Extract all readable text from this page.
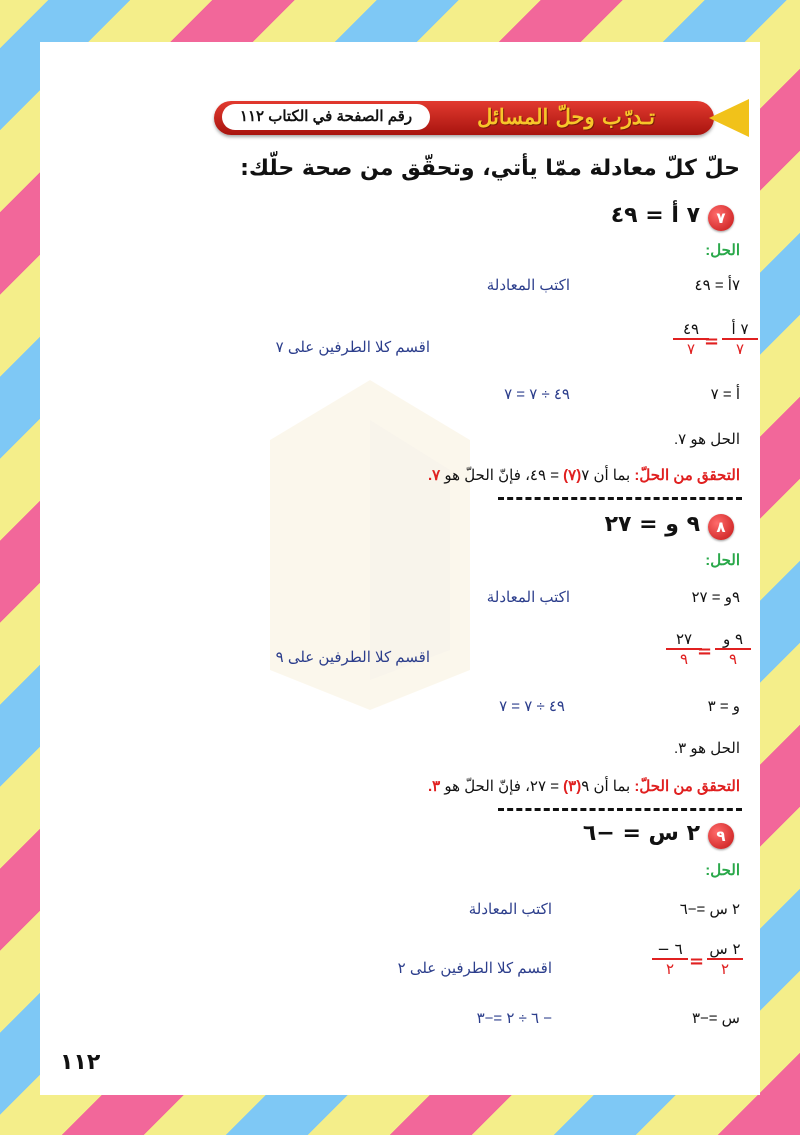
تـدرّب وحلّ المسائل
رقم الصفحة في الكتاب ١١٢
حلّ كلّ معادلة ممّا يأتي، وتحقّق من صحة حلّك:
٧
٧ أ = ٤٩
الحل:
٧أ = ٤٩
اكتب المعادلة
٤٩
٧ =
٧ أ
٧
اقسم كلا الطرفين على ٧
أ = ٧
٤٩ ÷ ٧ = ٧
الحل هو ٧.
التحقق من الحلّ: بما أن ٧(٧) = ٤٩، فإنّ الحلّ هو ٧.
٨
٩ و = ٢٧
الحل:
٩و = ٢٧
اكتب المعادلة
٢٧
٩ =
٩ و
٩
اقسم كلا الطرفين على ٩
و = ٣
٤٩ ÷ ٧ = ٧
الحل هو ٣.
التحقق من الحلّ: بما أن ٩(٣) = ٢٧، فإنّ الحلّ هو ٣.
٩
٢ س = −٦
الحل:
٢ س =−٦
اكتب المعادلة
− ٦
٢ =
٢ س
٢
اقسم كلا الطرفين على ٢
س =−٣
− ٦ ÷ ٢ =−٣
١١٢
